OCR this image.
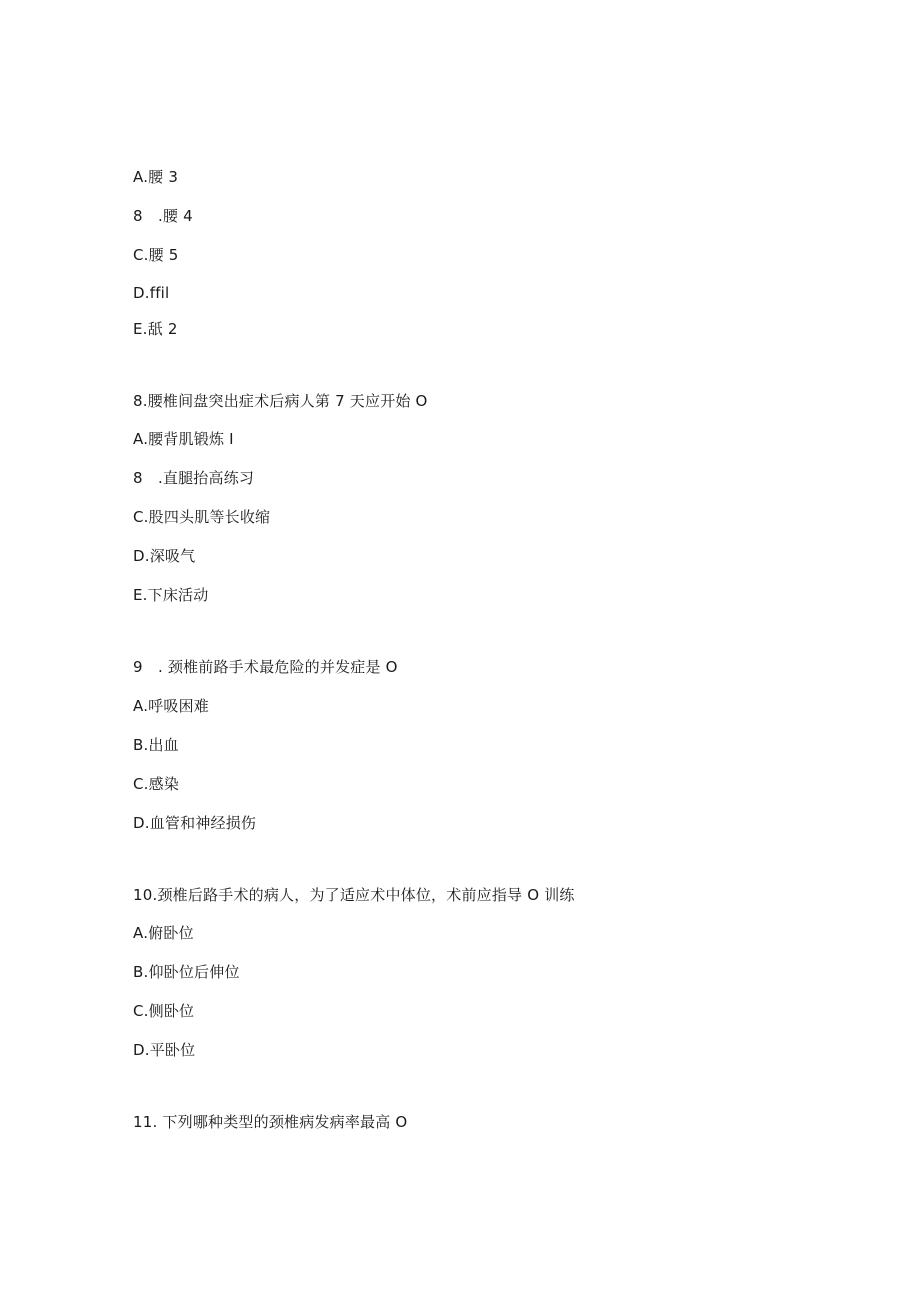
A.腰 3
8　.腰 4
C.腰 5
D.ffil
E.舐 2
8.腰椎间盘突出症术后病人第 7 天应开始 O
A.腰背肌锻炼 I
8　.直腿抬高练习
C.股四头肌等长收缩
D.深吸气
E.下床活动
9　. 颈椎前路手术最危险的并发症是 O
A.呼吸困难
B.出血
C.感染
D.血管和神经损伤
10.颈椎后路手术的病人，为了适应术中体位，术前应指导 O 训练
A.俯卧位
B.仰卧位后伸位
C.侧卧位
D.平卧位
11. 下列哪种类型的颈椎病发病率最高 O
